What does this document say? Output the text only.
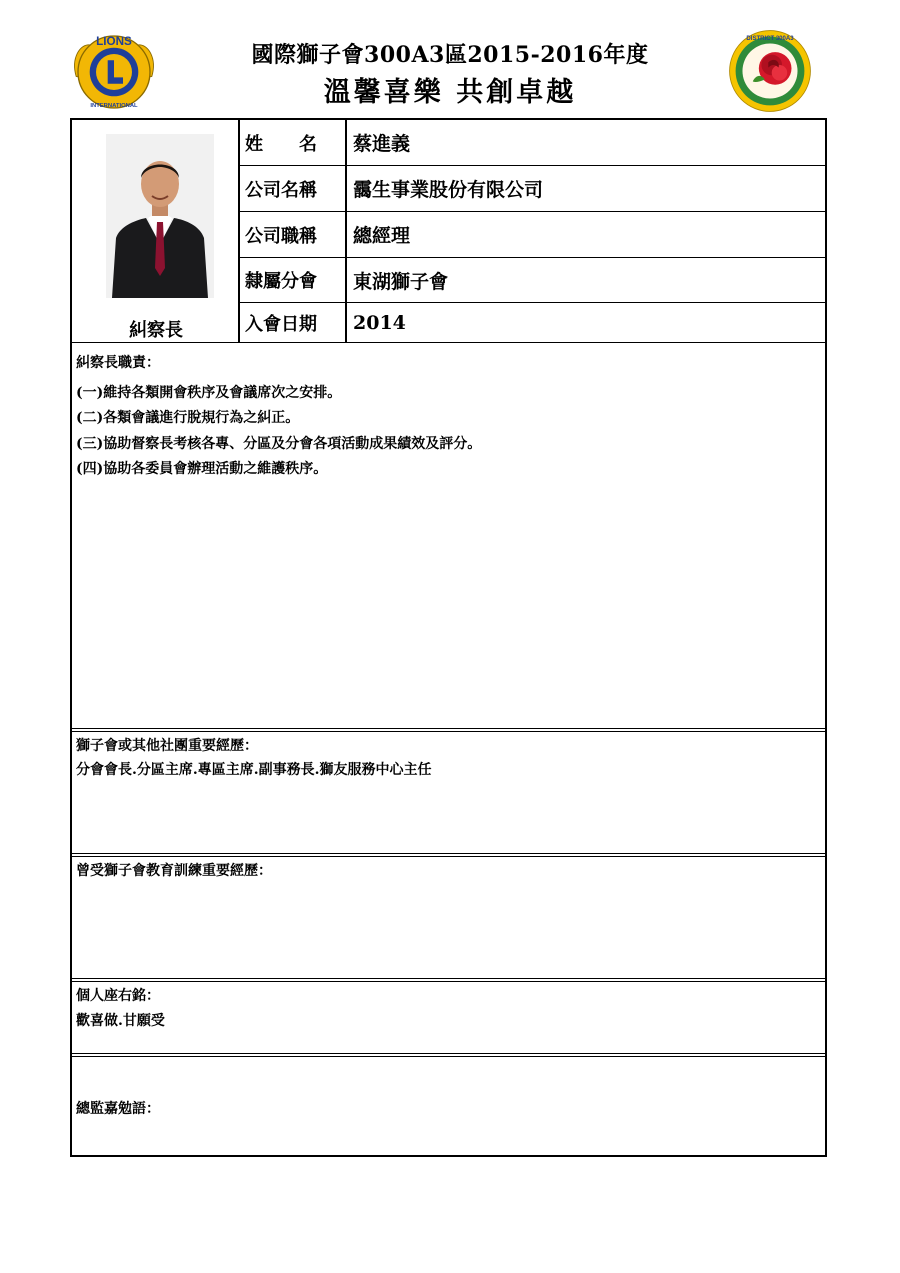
LIONS
INTERNATIONAL
國際獅子會300A3區2015-2016年度
溫馨喜樂 共創卓越
DISTRICT 300A3
糾察長
姓　　名	蔡進義
公司名稱	靄生事業股份有限公司
公司職稱	總經理
隸屬分會	東湖獅子會
入會日期	2014
糾察長職責：
(一)維持各類開會秩序及會議席次之安排。
(二)各類會議進行脫規行為之糾正。
(三)協助督察長考核各專、分區及分會各項活動成果績效及評分。
(四)協助各委員會辦理活動之維護秩序。
獅子會或其他社團重要經歷：
分會會長.分區主席.專區主席.副事務長.獅友服務中心主任
曾受獅子會教育訓練重要經歷：
個人座右銘：
歡喜做.甘願受
總監嘉勉語：
